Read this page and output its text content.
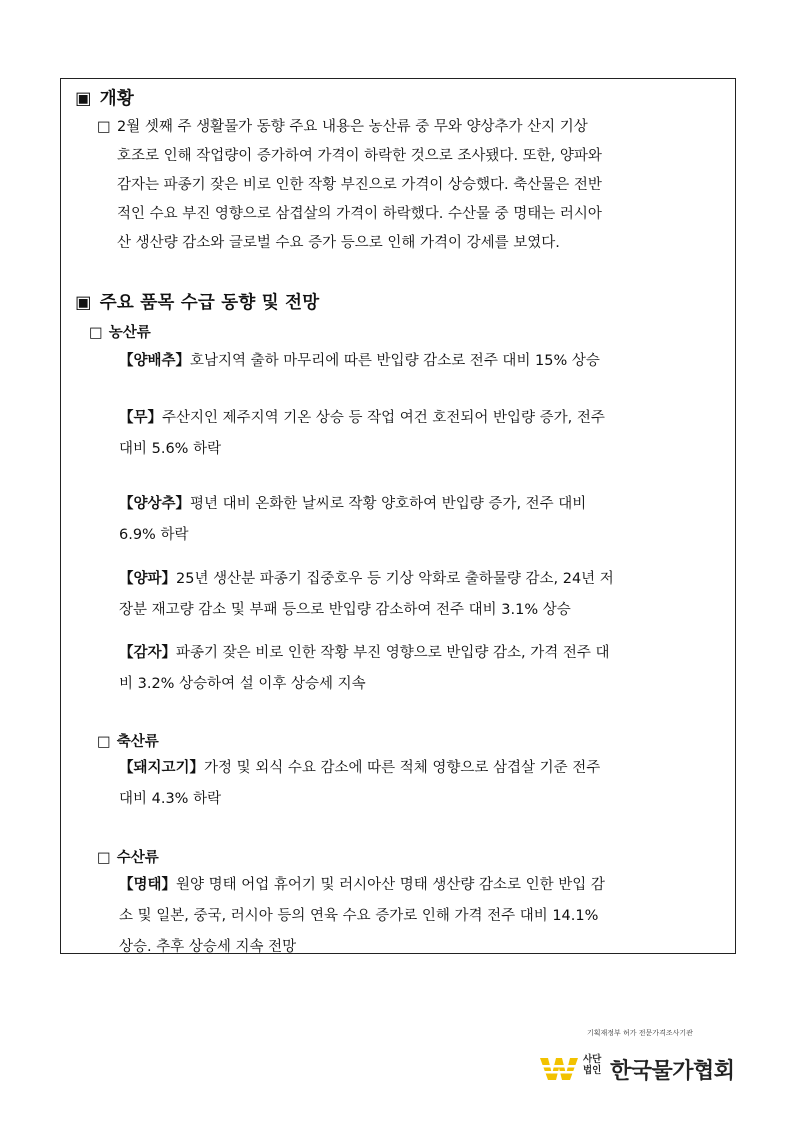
▣ 개황
□ 2월 셋째 주 생활물가 동향 주요 내용은 농산류 중 무와 양상추가 산지 기상

호조로 인해 작업량이 증가하여 가격이 하락한 것으로 조사됐다. 또한, 양파와

감자는 파종기 잦은 비로 인한 작황 부진으로 가격이 상승했다. 축산물은 전반

적인 수요 부진 영향으로 삼겹살의 가격이 하락했다. 수산물 중 명태는 러시아

산 생산량 감소와 글로벌 수요 증가 등으로 인해 가격이 강세를 보였다.

▣ 주요 품목 수급 동향 및 전망
□ 농산류

【양배추】호남지역 출하 마무리에 따른 반입량 감소로 전주 대비 15% 상승

【무】주산지인 제주지역 기온 상승 등 작업 여건 호전되어 반입량 증가, 전주

대비 5.6% 하락

【양상추】평년 대비 온화한 날씨로 작황 양호하여 반입량 증가, 전주 대비

6.9% 하락

【양파】25년 생산분 파종기 집중호우 등 기상 악화로 출하물량 감소, 24년 저

장분 재고량 감소 및 부패 등으로 반입량 감소하여 전주 대비 3.1% 상승

【감자】파종기 잦은 비로 인한 작황 부진 영향으로 반입량 감소, 가격 전주 대

비 3.2% 상승하여 설 이후 상승세 지속

□ 축산류

【돼지고기】가정 및 외식 수요 감소에 따른 적체 영향으로 삼겹살 기준 전주

대비 4.3% 하락

□ 수산류

【명태】원양 명태 어업 휴어기 및 러시아산 명태 생산량 감소로 인한 반입 감

소 및 일본, 중국, 러시아 등의 연육 수요 증가로 인해 가격 전주 대비 14.1%

상승. 추후 상승세 지속 전망

기획재정부 허가 전문가격조사기관
사단
법인 한국물가협회
